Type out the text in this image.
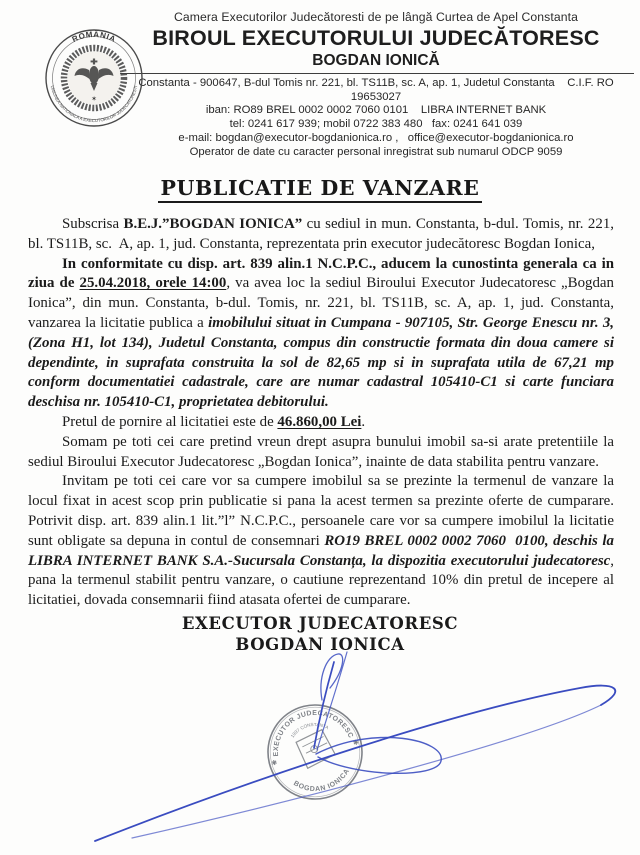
ROMÂNIA
UNIUNEA NATIONALA A EXECUTORILOR JUDECATORESTI
✶
Camera Executorilor Judecătoresti de pe lângă Curtea de Apel Constanta
BIROUL EXECUTORULUI JUDECĂTORESC
BOGDAN IONICĂ
Constanta - 900647, B-dul Tomis nr. 221, bl. TS11B, sc. A, ap. 1, Judetul Constanta    C.I.F. RO 19653027
iban: RO89 BREL 0002 0002 7060 0101    LIBRA INTERNET BANK
tel: 0241 617 939; mobil 0722 383 480   fax: 0241 641 039
e-mail: bogdan@executor-bogdanionica.ro ,   office@executor-bogdanionica.ro
Operator de date cu caracter personal inregistrat sub numarul ODCP 9059
PUBLICATIE DE VANZARE

Subscrisa B.E.J.”BOGDAN IONICA” cu sediul in mun. Constanta, b-dul. Tomis, nr. 221, bl. TS11B, sc.  A, ap. 1, jud. Constanta, reprezentata prin executor judecătoresc Bogdan Ionica,

In conformitate cu disp. art. 839 alin.1 N.C.P.C., aducem la cunostinta generala ca in ziua de 25.04.2018, orele 14:00, va avea loc la sediul Biroului Executor Judecatoresc „Bogdan Ionica”, din mun. Constanta, b-dul. Tomis, nr. 221, bl. TS11B, sc. A, ap. 1, jud. Constanta, vanzarea la licitatie publica a imobilului situat in Cumpana - 907105, Str. George Enescu nr. 3, (Zona H1, lot 134), Judetul Constanta, compus din constructie formata din doua camere si dependinte, in suprafata construita la sol de 82,65 mp si in suprafata utila de 67,21 mp conform documentatiei cadastrale, care are numar cadastral 105410-C1 si carte funciara deschisa nr. 105410-C1, proprietatea debitorului.

Pretul de pornire al licitatiei este de 46.860,00 Lei.

Somam pe toti cei care pretind vreun drept asupra bunului imobil sa-si arate pretentiile la sediul Biroului Executor Judecatoresc „Bogdan Ionica”, inainte de data stabilita pentru vanzare.

Invitam pe toti cei care vor sa cumpere imobilul sa se prezinte la termenul de vanzare la locul fixat in acest scop prin publicatie si pana la acest termen sa prezinte oferte de cumparare. Potrivit disp. art. 839 alin.1 lit.”l” N.C.P.C., persoanele care vor sa cumpere imobilul la licitatie sunt obligate sa depuna in contul de consemnari RO19 BREL 0002 0002 7060  0100, deschis la LIBRA INTERNET BANK S.A.-Sucursala Constanța, la dispozitia executorului judecatoresc, pana la termenul stabilit pentru vanzare, o cautiune reprezentand 10% din pretul de incepere al licitatiei, dovada consemnarii fiind atasata ofertei de cumparare.

EXECUTOR JUDECATORESC
BOGDAN IONICA
EXECUTOR JUDECATORESC
BOGDAN IONICA
1997 CONSTANTA
✱
✱
